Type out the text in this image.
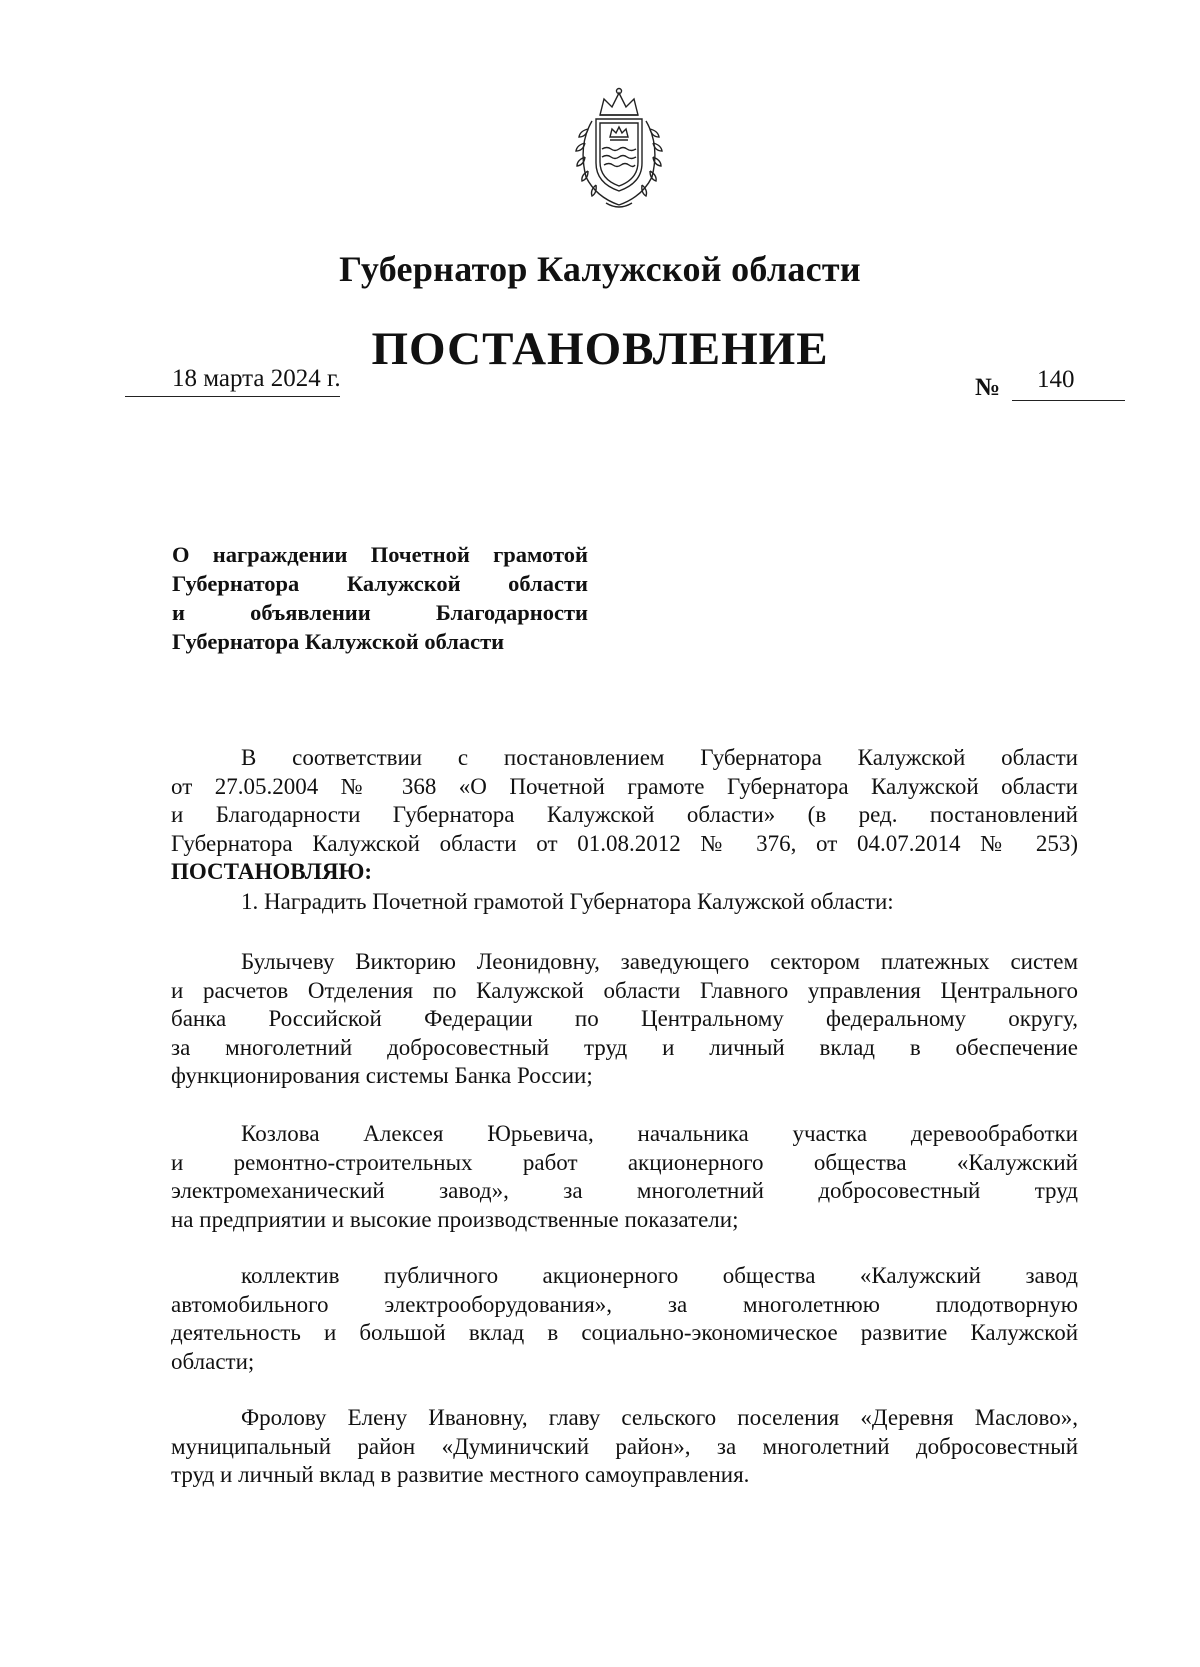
Губернатор Калужской области
ПОСТАНОВЛЕНИЕ
18 марта 2024 г.	№ 140
О награждении Почетной грамотой
Губернатора Калужской области
и объявлении Благодарности
Губернатора Калужской области
В соответствии с постановлением Губернатора Калужской области
от 27.05.2004 № 368 «О Почетной грамоте Губернатора Калужской области
и Благодарности Губернатора Калужской области» (в ред. постановлений
Губернатора Калужской области от 01.08.2012 № 376, от 04.07.2014 № 253)
ПОСТАНОВЛЯЮ:
1. Наградить Почетной грамотой Губернатора Калужской области:
Булычеву Викторию Леонидовну, заведующего сектором платежных систем
и расчетов Отделения по Калужской области Главного управления Центрального
банка Российской Федерации по Центральному федеральному округу,
за многолетний добросовестный труд и личный вклад в обеспечение
функционирования системы Банка России;
Козлова Алексея Юрьевича, начальника участка деревообработки
и ремонтно-строительных работ акционерного общества «Калужский
электромеханический завод», за многолетний добросовестный труд
на предприятии и высокие производственные показатели;
коллектив публичного акционерного общества «Калужский завод
автомобильного электрооборудования», за многолетнюю плодотворную
деятельность и большой вклад в социально-экономическое развитие Калужской
области;
Фролову Елену Ивановну, главу сельского поселения «Деревня Маслово»,
муниципальный район «Думиничский район», за многолетний добросовестный
труд и личный вклад в развитие местного самоуправления.
